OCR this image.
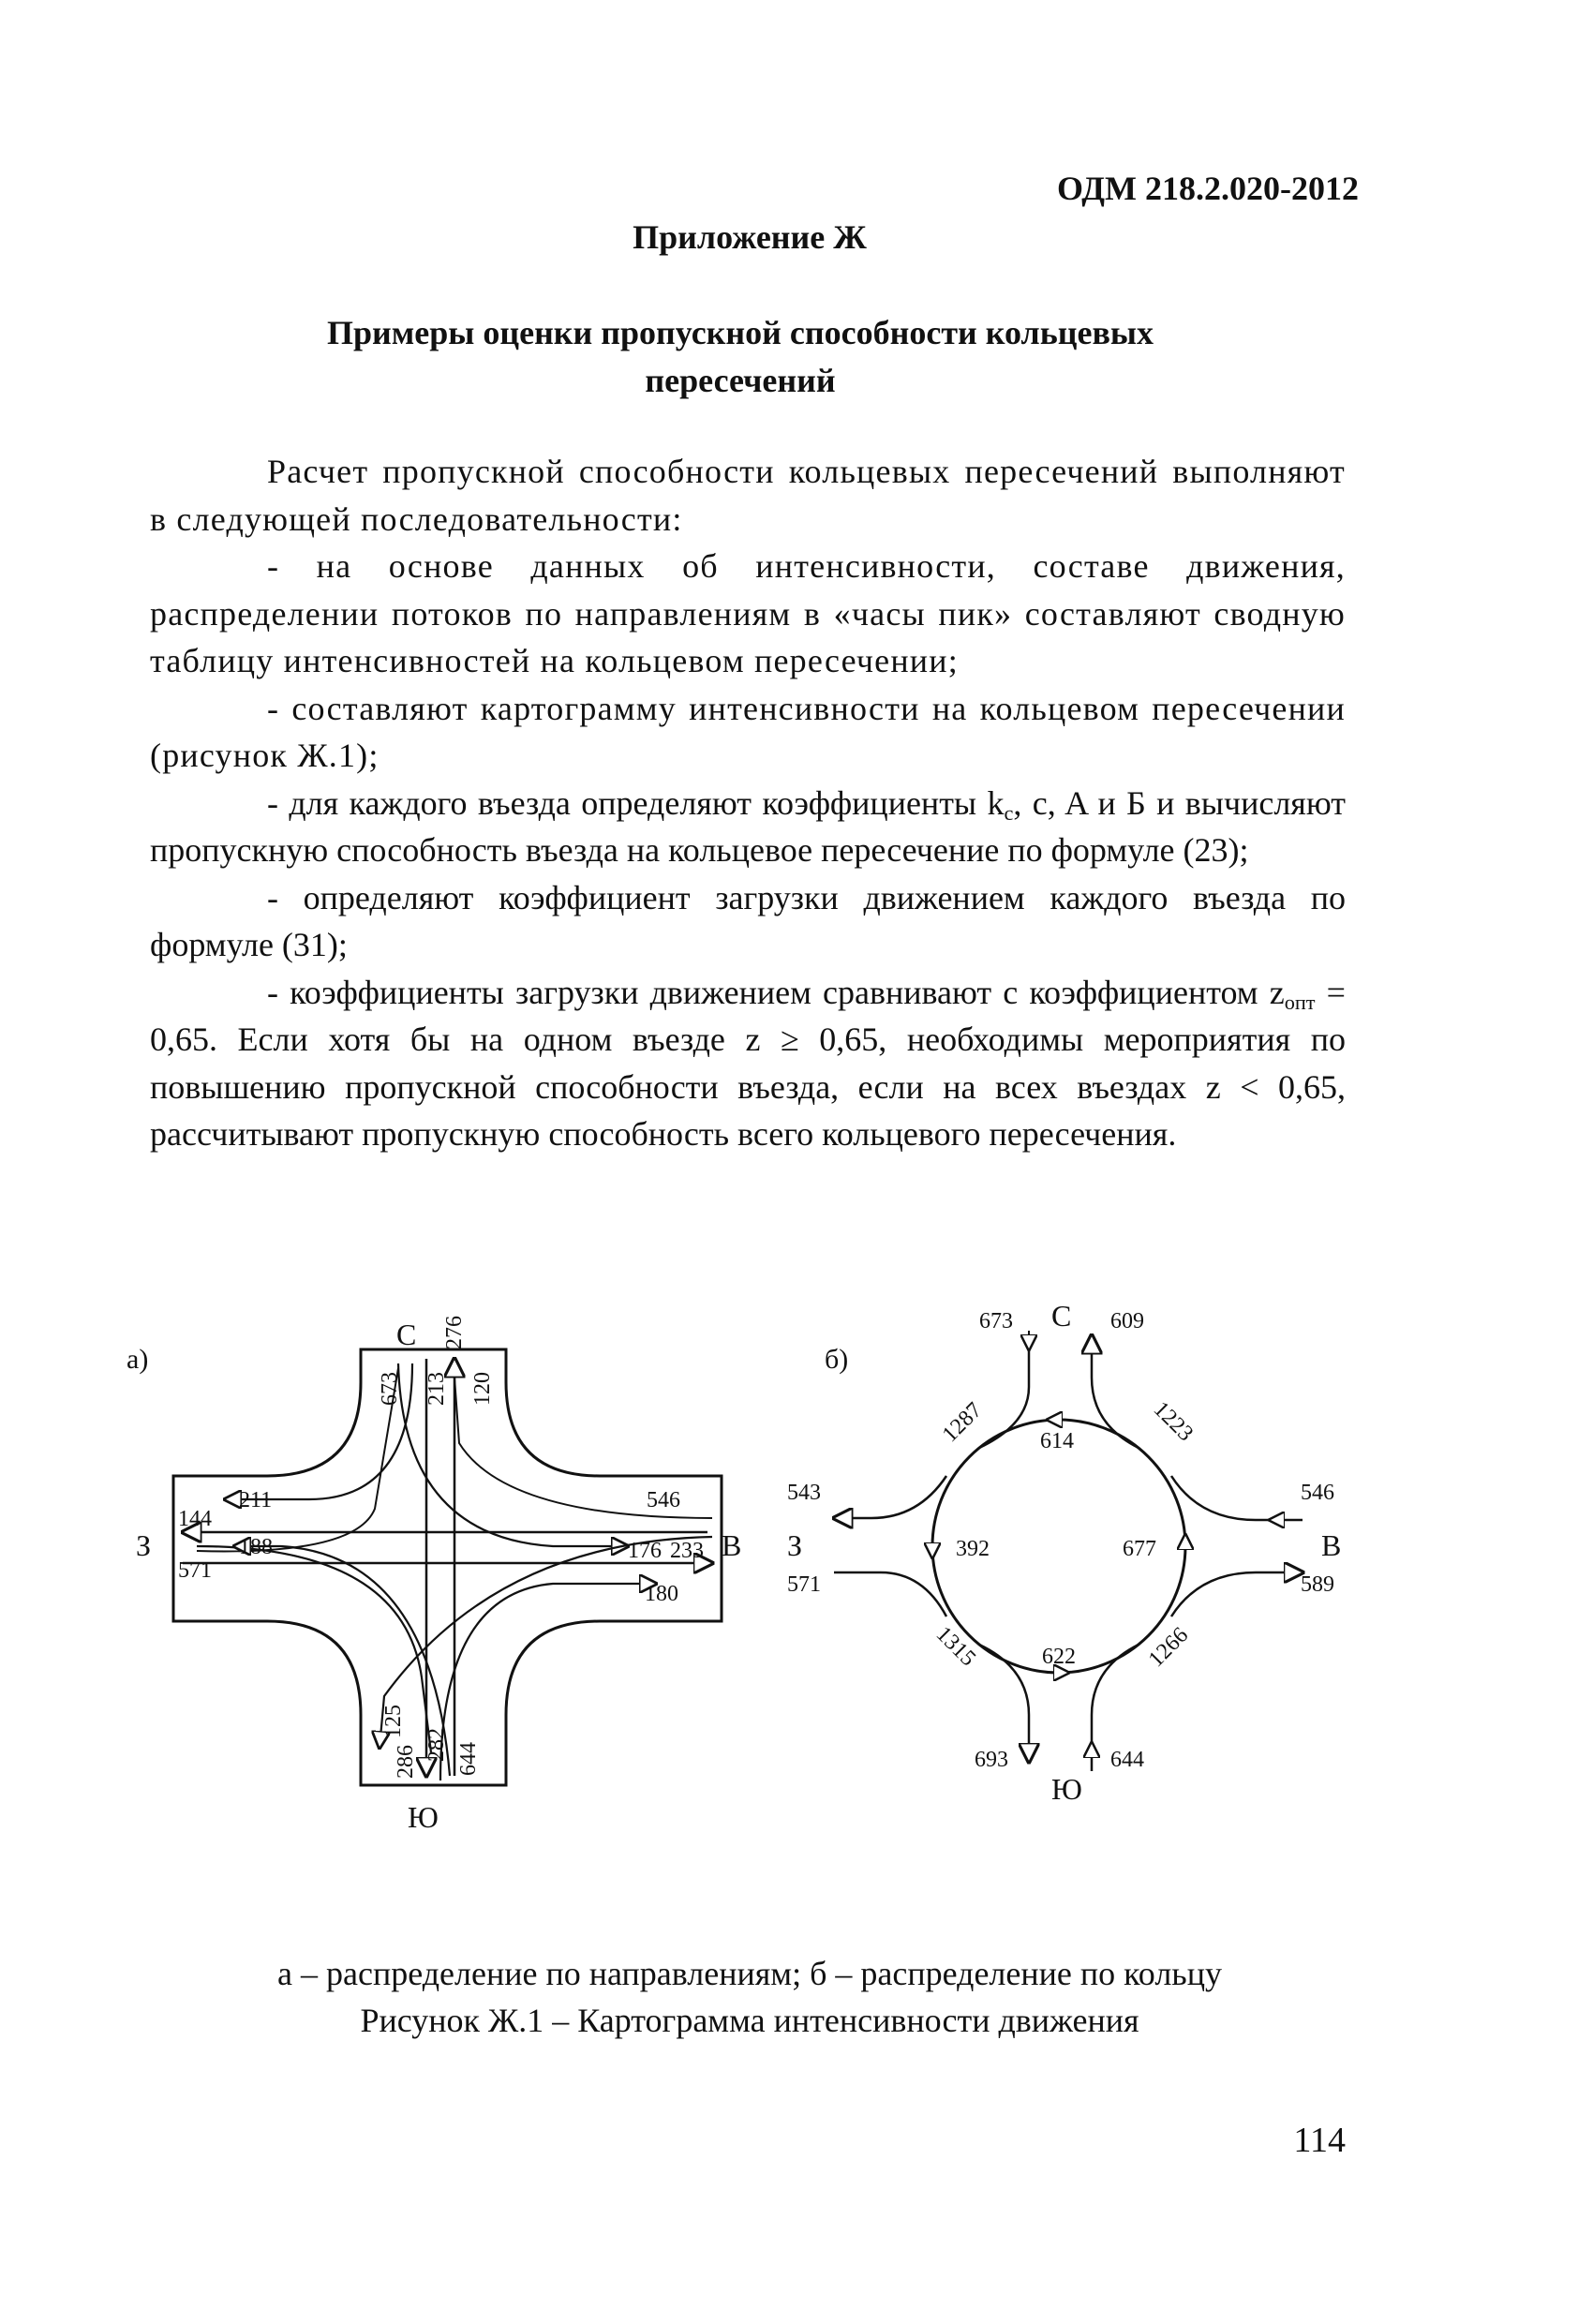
ОДМ 218.2.020-2012
Приложение Ж
Примеры оценки пропускной способности кольцевых
пересечений

Расчет пропускной способности кольцевых пересечений выполняют в следующей последовательности:

- на основе данных об интенсивности, составе движения, распределении потоков по направлениям в «часы пик» составляют сводную таблицу интенсивностей на кольцевом пересечении;

- составляют картограмму интенсивности на кольцевом пересечении (рисунок Ж.1);

- для каждого въезда определяют коэффициенты $k_с$, c, A и Б и вычисляют пропускную способность въезда на кольцевое пересечение по формуле (23);

- определяют коэффициент загрузки движением каждого въезда по формуле (31);

- коэффициенты загрузки движением сравнивают с коэффициентом $z_{опт} = 0,65$. Если хотя бы на одном въезде z ≥ 0,65, необходимы мероприятия по повышению пропускной способности въезда, если на всех въездах z < 0,65, рассчитывают пропускную способность всего кольцевого пересечения.

а)
С
Ю
З	В
276
673 213 120
211
144
188
571
546
176 233
180
125
286 282 644
б)
С
Ю
З	В
673	609
543
571
546
589
693	644
614
392	677
622
1287	1223
1315	1266
а – распределение по направлениям; б – распределение по кольцу
Рисунок Ж.1 – Картограмма интенсивности движения
114
